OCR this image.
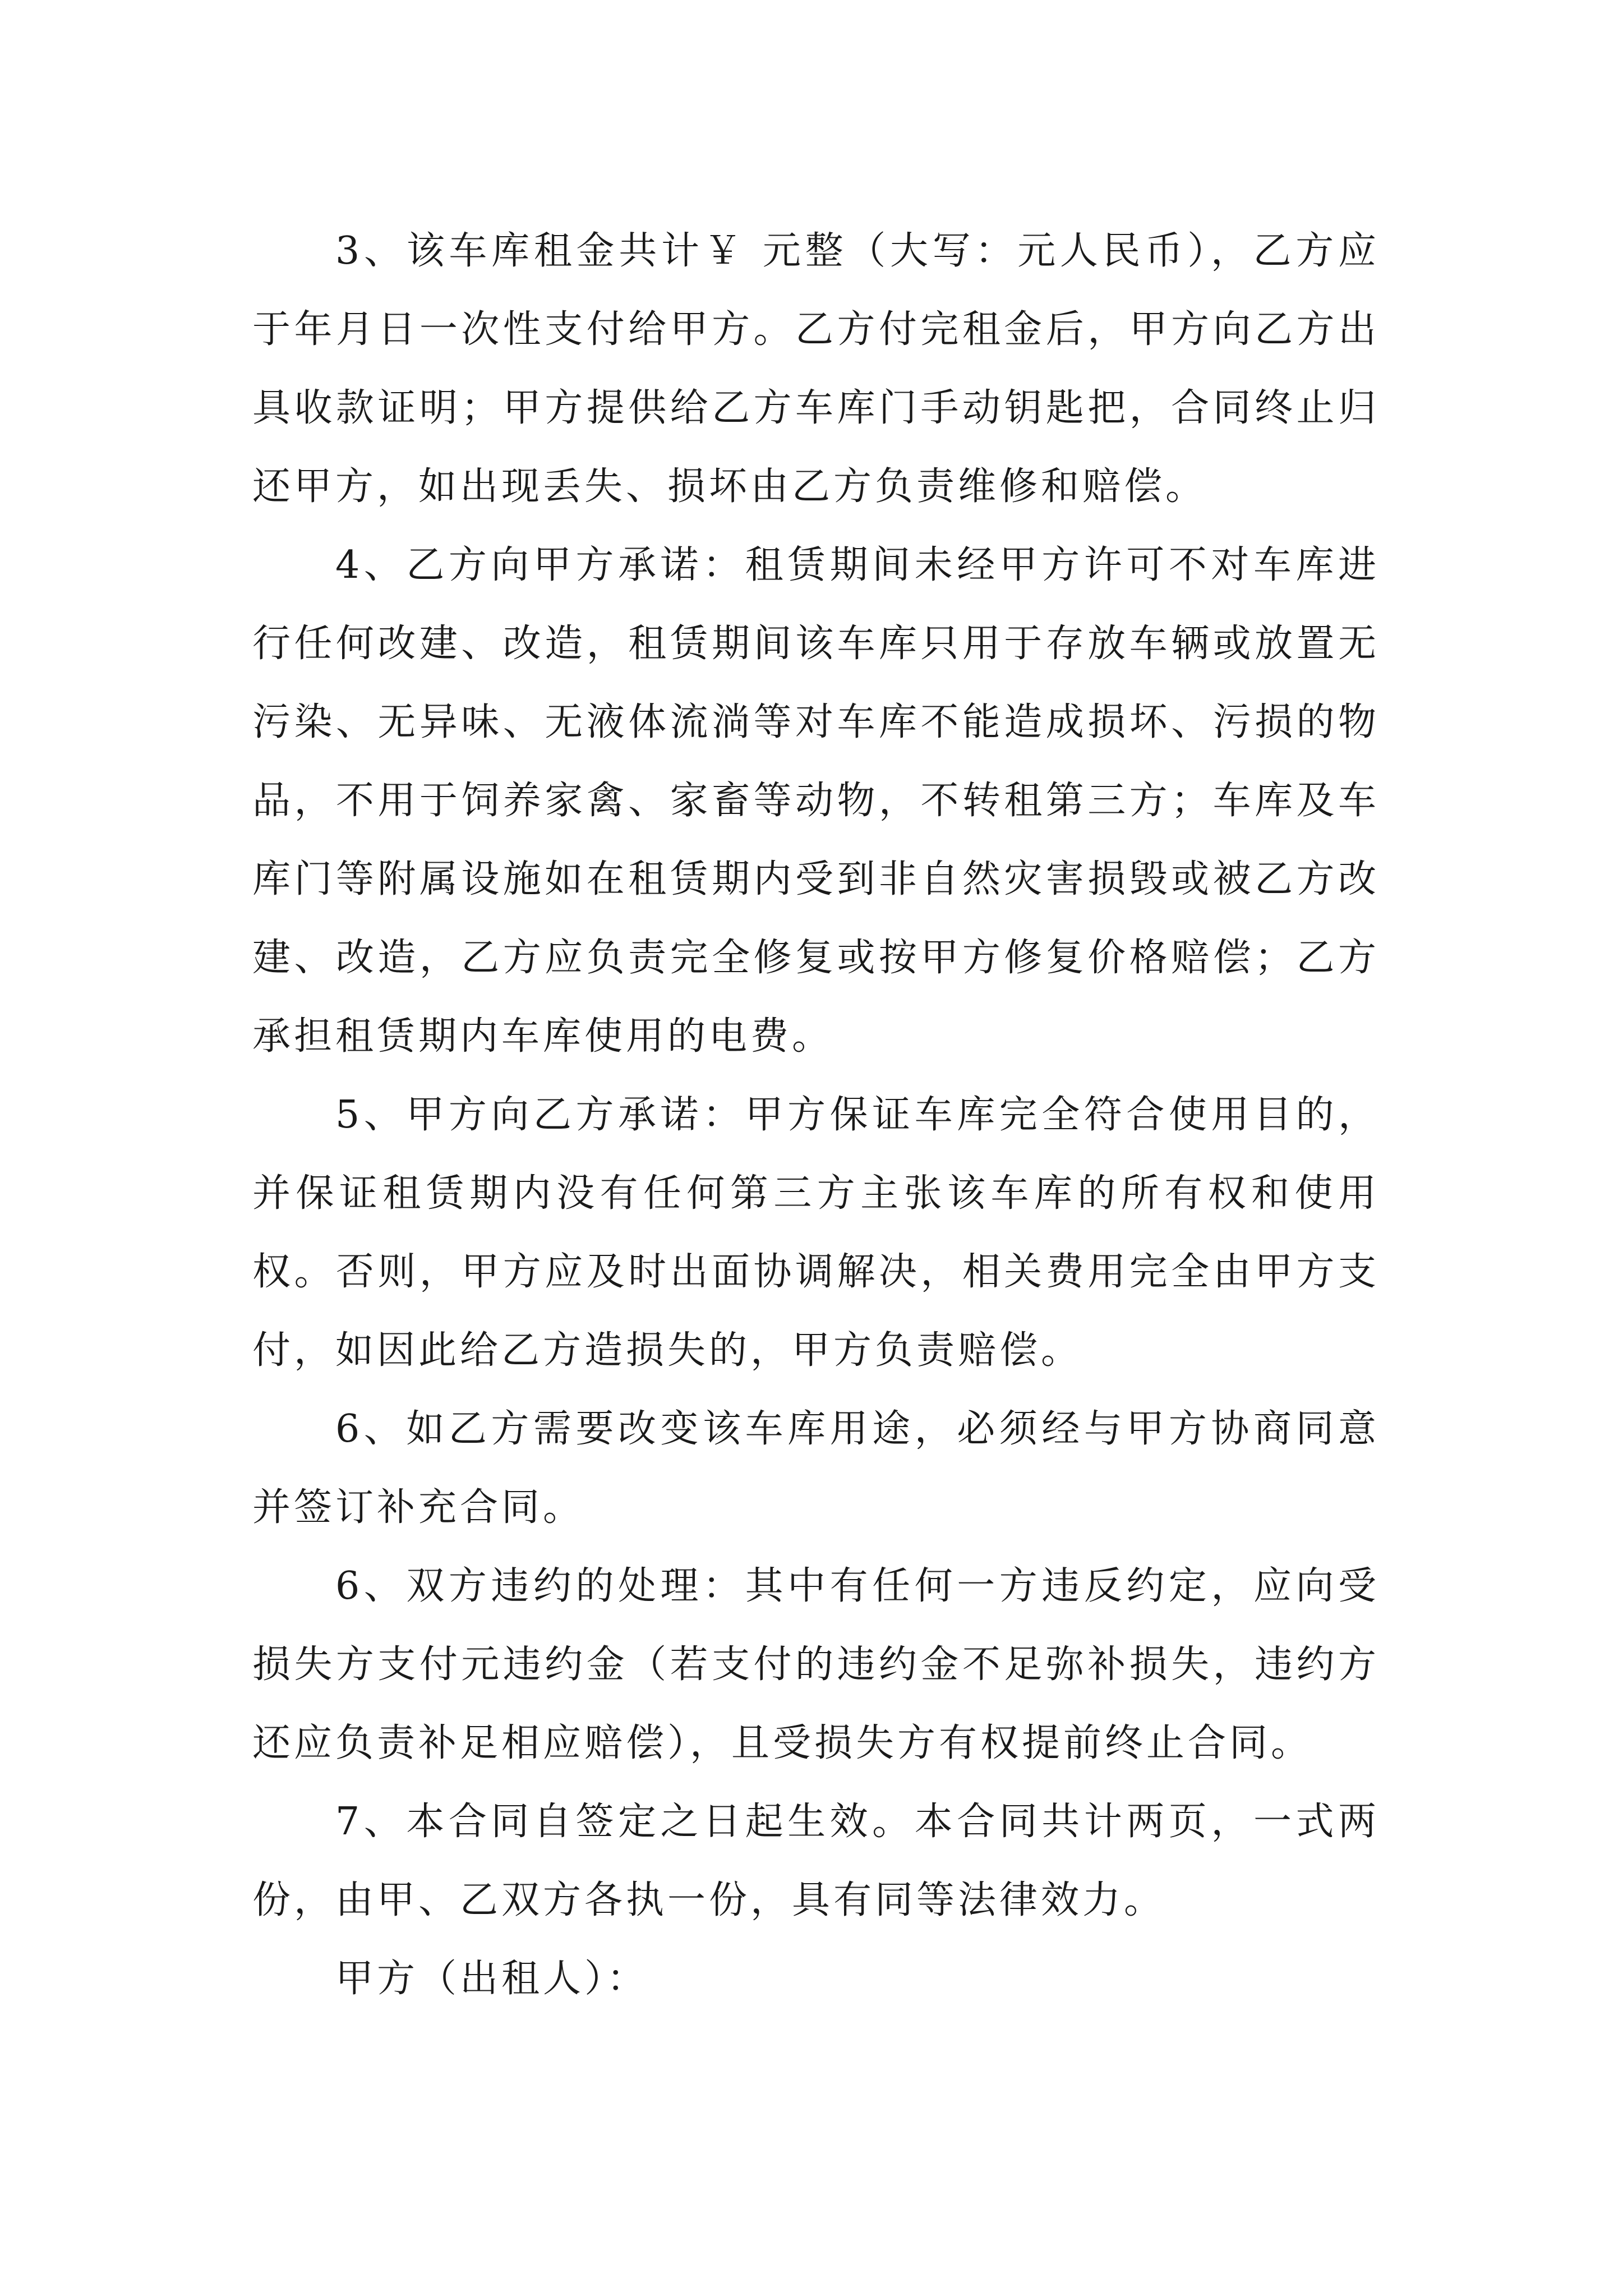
3、该车库租金共计￥ 元整（大写：元人民币），乙方应于年月日一次性支付给甲方。乙方付完租金后，甲方向乙方出具收款证明；甲方提供给乙方车库门手动钥匙把，合同终止归还甲方，如出现丢失、损坏由乙方负责维修和赔偿。

4、乙方向甲方承诺：租赁期间未经甲方许可不对车库进行任何改建、改造，租赁期间该车库只用于存放车辆或放置无污染、无异味、无液体流淌等对车库不能造成损坏、污损的物品，不用于饲养家禽、家畜等动物，不转租第三方；车库及车库门等附属设施如在租赁期内受到非自然灾害损毁或被乙方改建、改造，乙方应负责完全修复或按甲方修复价格赔偿；乙方承担租赁期内车库使用的电费。

5、甲方向乙方承诺：甲方保证车库完全符合使用目的，并保证租赁期内没有任何第三方主张该车库的所有权和使用权。否则，甲方应及时出面协调解决，相关费用完全由甲方支付，如因此给乙方造损失的，甲方负责赔偿。

6、如乙方需要改变该车库用途，必须经与甲方协商同意并签订补充合同。

6、双方违约的处理：其中有任何一方违反约定，应向受损失方支付元违约金（若支付的违约金不足弥补损失，违约方还应负责补足相应赔偿），且受损失方有权提前终止合同。

7、本合同自签定之日起生效。本合同共计两页，一式两份，由甲、乙双方各执一份，具有同等法律效力。

甲方（出租人）：
